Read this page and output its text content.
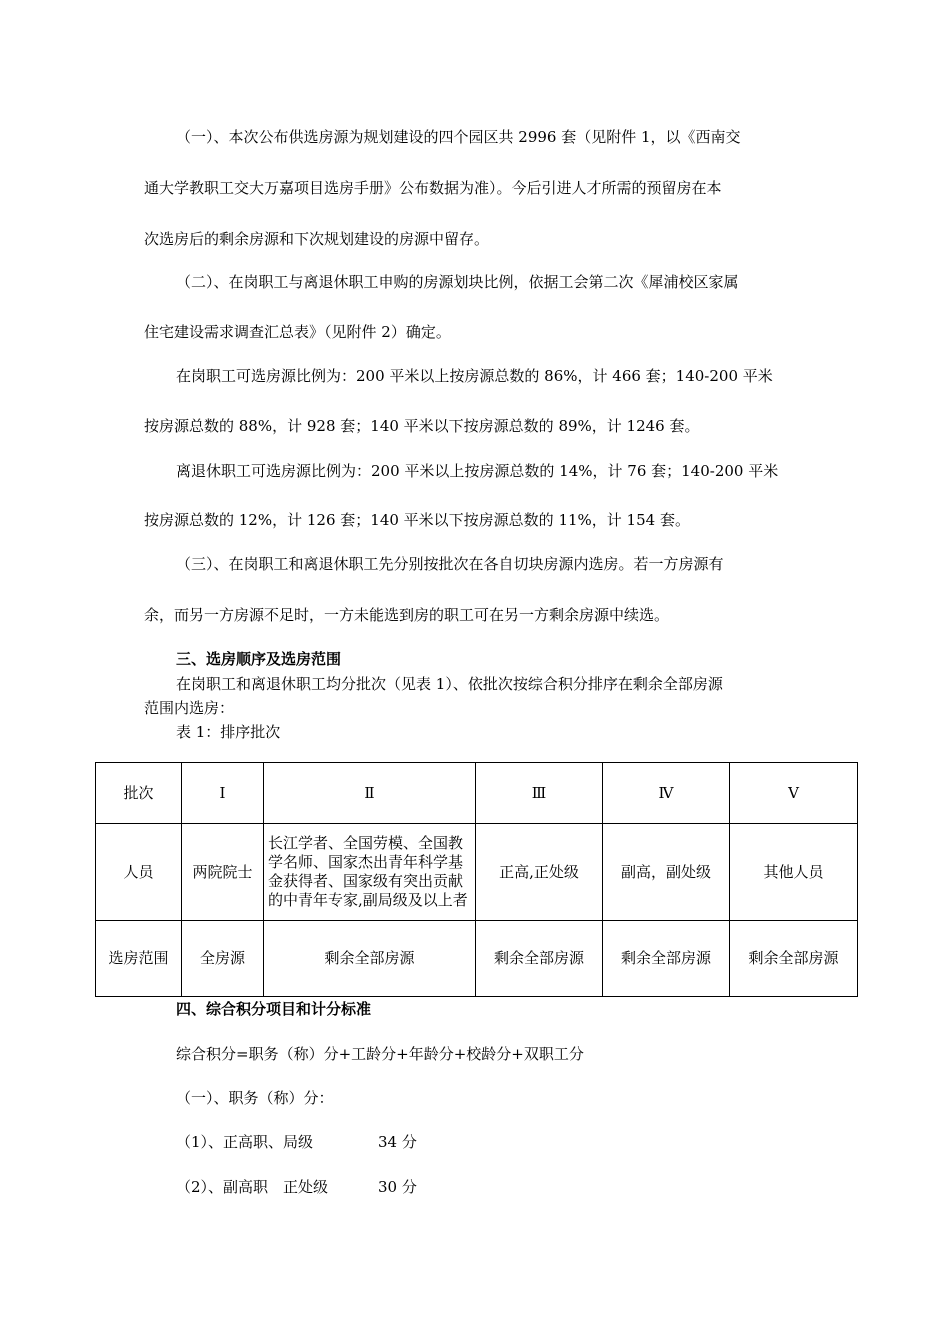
（一）、本次公布供选房源为规划建设的四个园区共 2996 套（见附件 1，以《西南交
通大学教职工交大万嘉项目选房手册》公布数据为准）。今后引进人才所需的预留房在本
次选房后的剩余房源和下次规划建设的房源中留存。
（二）、在岗职工与离退休职工申购的房源划块比例，依据工会第二次《犀浦校区家属
住宅建设需求调查汇总表》（见附件 2）确定。
在岗职工可选房源比例为：200 平米以上按房源总数的 86%，计 466 套；140-200 平米
按房源总数的 88%，计 928 套；140 平米以下按房源总数的 89%，计 1246 套。
离退休职工可选房源比例为：200 平米以上按房源总数的 14%，计 76 套；140-200 平米
按房源总数的 12%，计 126 套；140 平米以下按房源总数的 11%，计 154 套。
（三）、在岗职工和离退休职工先分别按批次在各自切块房源内选房。若一方房源有
余，而另一方房源不足时，一方未能选到房的职工可在另一方剩余房源中续选。
三、选房顺序及选房范围
在岗职工和离退休职工均分批次（见表 1）、依批次按综合积分排序在剩余全部房源
范围内选房：
表 1：排序批次
批次	Ⅰ	Ⅱ	Ⅲ	Ⅳ	Ⅴ
人员	两院院士	长江学者、全国劳模、全国教学名师、国家杰出青年科学基金获得者、国家级有突出贡献的中青年专家,副局级及以上者	正高,正处级	副高，副处级	其他人员
选房范围	全房源	剩余全部房源	剩余全部房源	剩余全部房源	剩余全部房源
四、综合积分项目和计分标准
综合积分=职务（称）分+工龄分+年龄分+校龄分+双职工分
（一）、职务（称）分：
（1）、正高职、局级	34 分
（2）、副高职　正处级	30 分
